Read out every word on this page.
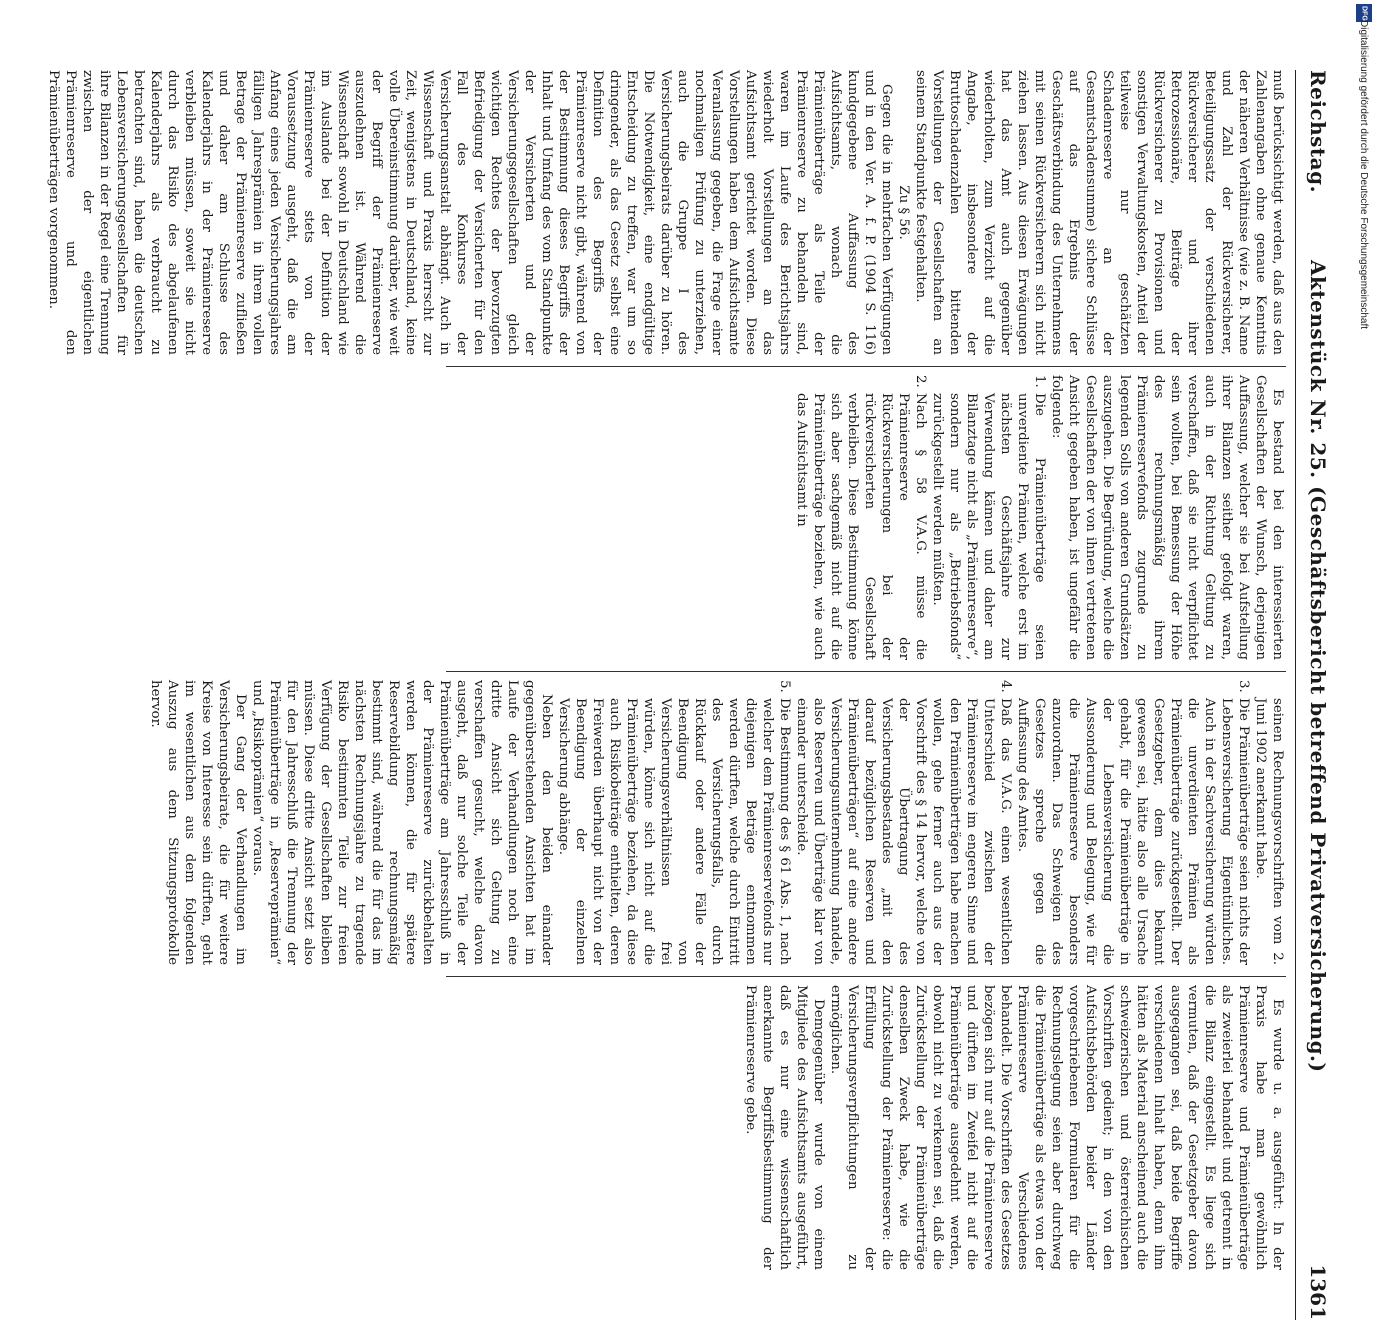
Reichstag.
Aktenstück Nr. 25. (Geschäftsbericht betreffend Privatversicherung.)
1361

muß berücksichtigt werden, daß aus den Zahlenangaben ohne genaue Kenntnis der näheren Verhältnisse (wie z. B. Name und Zahl der Rückversicherer, Beteiligungssatz der verschiedenen Rückversicherer und ihrer Retrozessionäre, Beiträge der Rückversicherer zu Provisionen und sonstigen Verwaltungskosten, Anteil der teilweise nur geschätzten Schadenreserve an der Gesamtschadensumme) sichere Schlüsse auf das Ergebnis der Geschäftsverbindung des Unternehmens mit seinen Rückversicherern sich nicht ziehen lassen. Aus diesen Erwägungen hat das Amt auch gegenüber wiederholten, zum Verzicht auf die Angabe, insbesondere der Bruttoschadenzahlen bittenden Vorstellungen der Gesellschaften an seinem Standpunkte festgehalten.

Zu § 56.

Gegen die in mehrfachen Verfügungen und in den Ver. A. f. P. (1904 S. 116) kundgegebene Auffassung des Aufsichtsamts, wonach die Prämienüberträge als Teile der Prämienreserve zu behandeln sind, waren im Laufe des Berichtsjahrs wiederholt Vorstellungen an das Aufsichtsamt gerichtet worden. Diese Vorstellungen haben dem Aufsichtsamte Veranlassung gegeben, die Frage einer nochmaligen Prüfung zu unterziehen, auch die Gruppe I des Versicherungsbeirats darüber zu hören. Die Notwendigkeit, eine endgültige Entscheidung zu treffen, war um so dringender, als das Gesetz selbst eine Definition des Begriffs der Prämienreserve nicht gibt, während von der Bestimmung dieses Begriffs der Inhalt und Umfang des vom Standpunkte der Versicherten und der Versicherungsgesellschaften gleich wichtigen Rechtes der bevorzugten Befriedigung der Versicherten für den Fall des Konkurses der Versicherungsanstalt abhängt. Auch in Wissenschaft und Praxis herrscht zur Zeit, wenigstens in Deutschland, keine volle Übereinstimmung darüber, wie weit der Begriff der Prämienreserve auszudehnen ist. Während die Wissenschaft sowohl in Deutschland wie im Auslande bei der Definition der Prämienreserve stets von der Voraussetzung ausgeht, daß die am Anfang eines jeden Versicherungsjahres fälligen Jahresprämien in ihrem vollen Betrage der Prämienreserve zufließen und daher am Schlusse des Kalenderjahrs in der Prämienreserve verbleiben müssen, soweit sie nicht durch das Risiko des abgelaufenen Kalenderjahrs als verbraucht zu betrachten sind, haben die deutschen Lebensversicherungsgesellschaften für ihre Bilanzen in der Regel eine Trennung zwischen der eigentlichen Prämienreserve und den Prämienüberträgen vorgenommen.

Es bestand bei den interessierten Gesellschaften der Wunsch, derjenigen Auffassung, welcher sie bei Aufstellung ihrer Bilanzen seither gefolgt waren, auch in der Richtung Geltung zu verschaffen, daß sie nicht verpflichtet sein wollten, bei Bemessung der Höhe des rechnungsmäßig ihrem Prämienreservefonds zugrunde zu legenden Solls von anderen Grundsätzen auszugehen. Die Begründung, welche die Gesellschaften der von ihnen vertretenen Ansicht gegeben haben, ist ungefähr die folgende:

1.
Die Prämienüberträge seien unverdiente Prämien, welche erst im nächsten Geschäftsjahre zur Verwendung kämen und daher am Bilanztage nicht als „Prämienreserve“, sondern nur als „Betriebsfonds“ zurückgestellt werden müßten.
2.
Nach § 58 V.A.G. müsse die Prämienreserve der Rückversicherungen bei der rückversicherten Gesellschaft verbleiben. Diese Bestimmung könne sich aber sachgemäß nicht auf die Prämienüberträge beziehen, wie auch das Aufsichtsamt in

seinen Rechnungsvorschriften vom 2. Juni 1902 anerkannt habe.

3.
Die Prämienüberträge seien nichts der Lebensversicherung Eigentümliches. Auch in der Sachversicherung würden die unverdienten Prämien als Prämienüberträge zurückgestellt. Der Gesetzgeber, dem dies bekannt gewesen sei, hätte also alle Ursache gehabt, für die Prämienüberträge in der Lebensversicherung die Aussonderung und Belegung, wie für die Prämienreserve besonders anzuordnen. Das Schweigen des Gesetzes spreche gegen die Auffassung des Amtes.
4.
Daß das V.A.G. einen wesentlichen Unterschied zwischen der Prämienreserve im engeren Sinne und den Prämienüberträgen habe machen wollen, gehe ferner auch aus der Vorschrift des § 14 hervor, welche von der Übertragung des Versicherungsbestandes „mit den darauf bezüglichen Reserven und Prämienüberträgen“ auf eine andere Versicherungsunternehmung handele, also Reserven und Überträge klar von einander unterscheide.
5.
Die Bestimmung des § 61 Abs. 1, nach welcher dem Prämienreservefonds nur diejenigen Beträge entnommen werden dürften, welche durch Eintritt des Versicherungsfalls, durch Rückkauf oder andere Fälle der Beendigung von Versicherungsverhältnissen frei würden, könne sich nicht auf die Prämienüberträge beziehen, da diese auch Risikobeiträge enthielten, deren Freiwerden überhaupt nicht von der Beendigung der einzelnen Versicherung abhänge.

Neben den beiden einander gegenüberstehenden Ansichten hat im Laufe der Verhandlungen noch eine dritte Ansicht sich Geltung zu verschaffen gesucht, welche davon ausgeht, daß nur solche Teile der Prämienüberträge am Jahresschluß in der Prämienreserve zurückbehalten werden können, die für spätere Reservebildung rechnungsmäßig bestimmt sind, während die für das im nächsten Rechnungsjahre zu tragende Risiko bestimmten Teile zur freien Verfügung der Gesellschaften bleiben müssen. Diese dritte Ansicht setzt also für den Jahresschluß die Trennung der Prämienüberträge in „Reserveprämien“ und „Risikoprämien“ voraus.

Der Gang der Verhandlungen im Versicherungsbeirate, die für weitere Kreise von Interesse sein dürften, geht im wesentlichen aus dem folgenden Auszug aus dem Sitzungsprotokolle hervor.

Es wurde u. a. ausgeführt: In der Praxis habe man gewöhnlich Prämienreserve und Prämienüberträge als zweierlei behandelt und getrennt in die Bilanz eingestellt. Es liege sich vermuten, daß der Gesetzgeber davon ausgegangen sei, daß beide Begriffe verschiedenen Inhalt haben, denn ihm hätten als Material anscheinend auch die schweizerischen und österreichischen Vorschriften gedient; in den von den Aufsichtsbehörden beider Länder vorgeschriebenen Formularen für die Rechnungslegung seien aber durchweg die Prämienüberträge als etwas von der Prämienreserve Verschiedenes behandelt. Die Vorschriften des Gesetzes bezögen sich nur auf die Prämienreserve und dürften im Zweifel nicht auf die Prämienüberträge ausgedehnt werden, obwohl nicht zu verkennen sei, daß die Zurückstellung der Prämienüberträge denselben Zweck habe, wie die Zurückstellung der Prämienreserve: die Erfüllung der Versicherungsverpflichtungen zu ermöglichen.

Demgegenüber wurde von einem Mitgliede des Aufsichtsamts ausgeführt, daß es nur eine wissenschaftlich anerkannte Begriffsbestimmung der Prämienreserve gebe.

DFG
Digitalisierung gefördert durch die Deutsche Forschungsgemeinschaft
